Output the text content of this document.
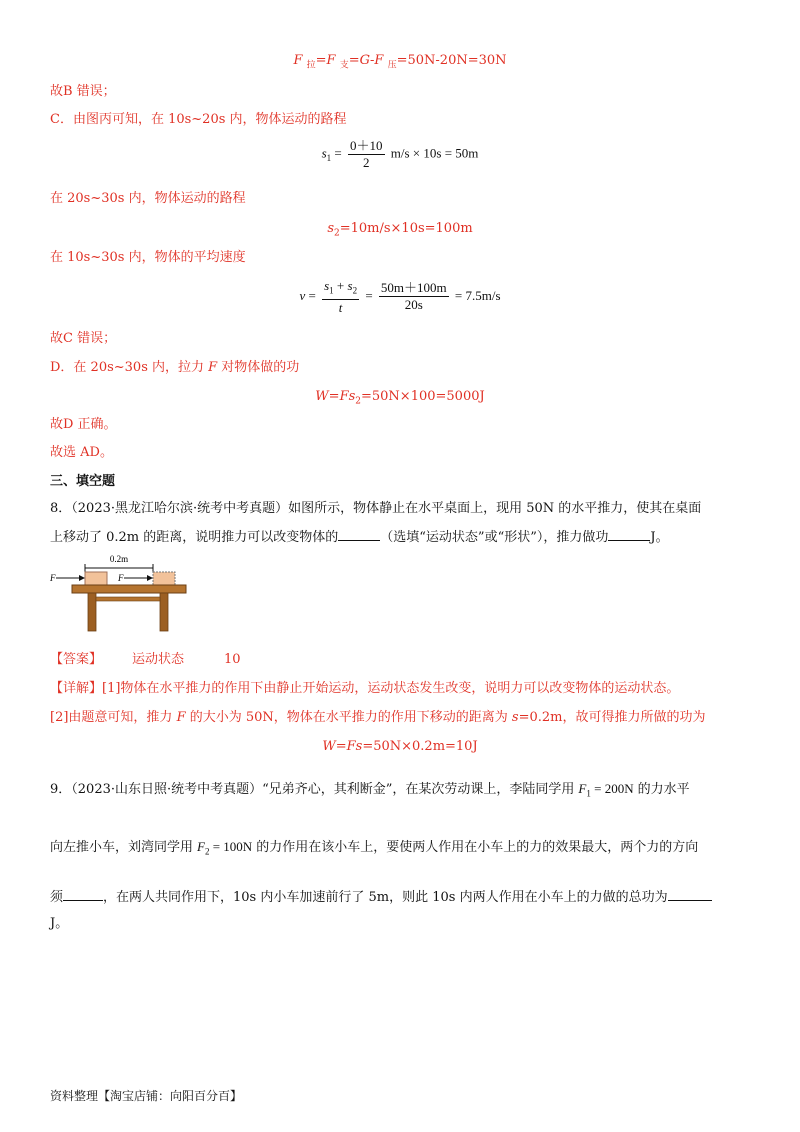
F $_拉$=F $_支$=G-F $_压$=50N-20N=30N
故B 错误；
C．由图丙可知，在 10s~20s 内，物体运动的路程
$s_1 = \frac{0+10}{2} m/s \times 10s = 50m$
在 20s~30s 内，物体运动的路程
$s_2=10m/s\times 10s=100m$
在 10s~30s 内，物体的平均速度
$v = \frac{s_1 + s_2}{t} = \frac{50m+100m}{20s} = 7.5m/s$
故C 错误；
D．在 20s~30s 内，拉力 F 对物体做的功
$W=Fs_2=50N\times 100=5000J$
故D 正确。
故选 AD。
三、填空题
8．（2023·黑龙江哈尔滨·统考中考真题）如图所示，物体静止在水平桌面上，现用 50N 的水平推力，使其在桌面
上移动了 0.2m 的距离，说明推力可以改变物体的	（选填“运动状态”或“形状”），推力做功	J。
0.2m
F	F
【答案】 运动状态	10
【详解】[1]物体在水平推力的作用下由静止开始运动，运动状态发生改变，说明力可以改变物体的运动状态。
[2]由题意可知，推力 F 的大小为 50N，物体在水平推力的作用下移动的距离为 s=0.2m，故可得推力所做的功为
W=Fs=50N×0.2m=10J
9．（2023·山东日照·统考中考真题）“兄弟齐心，其利断金”，在某次劳动课上，李陆同学用 $F_1 = 200N$ 的力水平
向左推小车，刘湾同学用 $F_2 = 100N$ 的力作用在该小车上，要使两人作用在小车上的力的效果最大，两个力的方向
须	，在两人共同作用下，10s 内小车加速前行了 5m，则此 10s 内两人作用在小车上的力做的总功为
J。
资料整理【淘宝店铺：向阳百分百】
